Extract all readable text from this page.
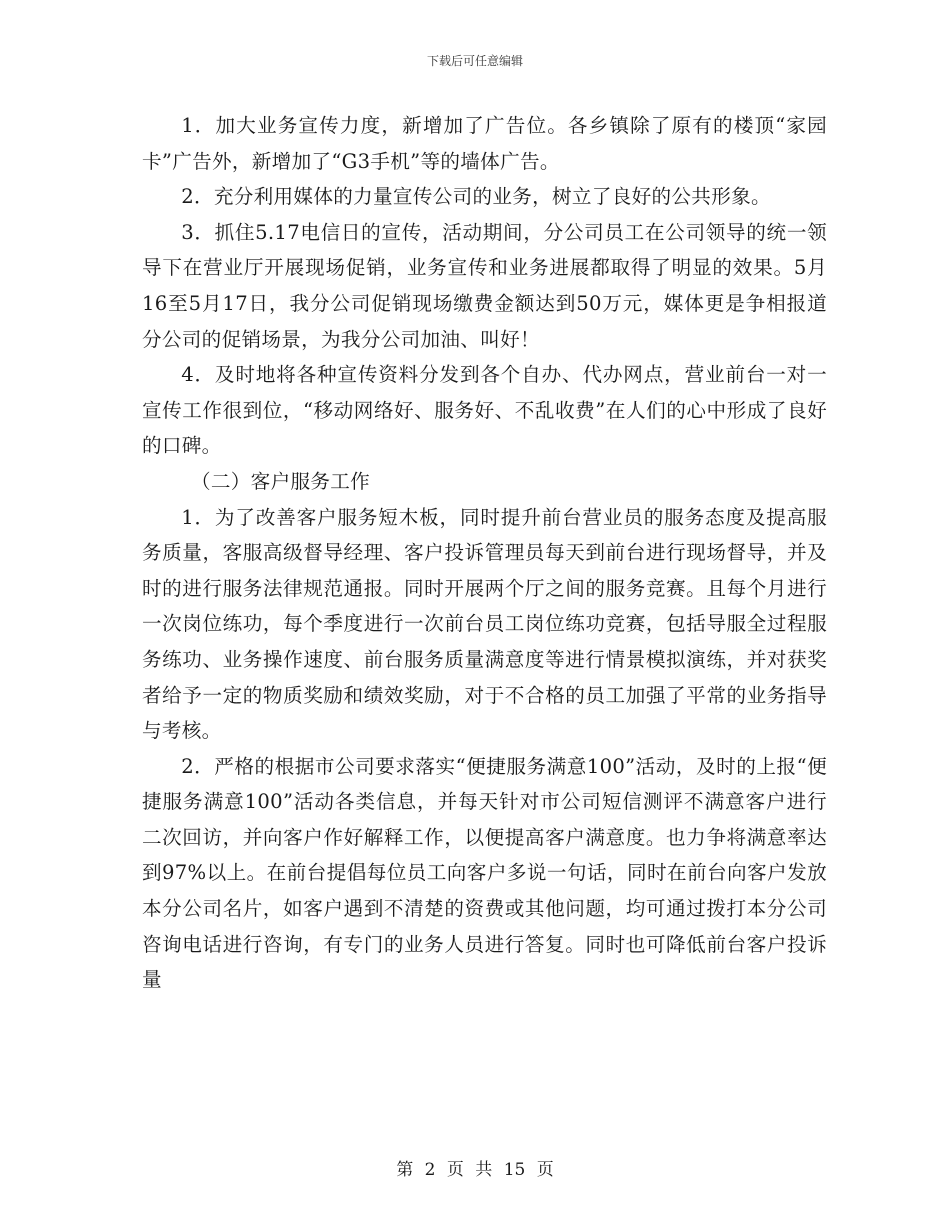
下载后可任意编辑

1．加大业务宣传力度，新增加了广告位。各乡镇除了原有的楼顶“家园卡”广告外，新增加了“G3手机”等的墙体广告。

2．充分利用媒体的力量宣传公司的业务，树立了良好的公共形象。

3．抓住5.17电信日的宣传，活动期间，分公司员工在公司领导的统一领导下在营业厅开展现场促销，业务宣传和业务进展都取得了明显的效果。5月16至5月17日，我分公司促销现场缴费金额达到50万元，媒体更是争相报道分公司的促销场景，为我分公司加油、叫好！

4．及时地将各种宣传资料分发到各个自办、代办网点，营业前台一对一宣传工作很到位，“移动网络好、服务好、不乱收费”在人们的心中形成了良好的口碑。

（二）客户服务工作

1．为了改善客户服务短木板，同时提升前台营业员的服务态度及提高服务质量，客服高级督导经理、客户投诉管理员每天到前台进行现场督导，并及时的进行服务法律规范通报。同时开展两个厅之间的服务竞赛。且每个月进行一次岗位练功，每个季度进行一次前台员工岗位练功竞赛，包括导服全过程服务练功、业务操作速度、前台服务质量满意度等进行情景模拟演练，并对获奖者给予一定的物质奖励和绩效奖励，对于不合格的员工加强了平常的业务指导与考核。

2．严格的根据市公司要求落实“便捷服务满意100”活动，及时的上报“便捷服务满意100”活动各类信息，并每天针对市公司短信测评不满意客户进行二次回访，并向客户作好解释工作，以便提高客户满意度。也力争将满意率达到97%以上。在前台提倡每位员工向客户多说一句话，同时在前台向客户发放本分公司名片，如客户遇到不清楚的资费或其他问题，均可通过拨打本分公司咨询电话进行咨询，有专门的业务人员进行答复。同时也可降低前台客户投诉量

第 2 页 共 15 页
